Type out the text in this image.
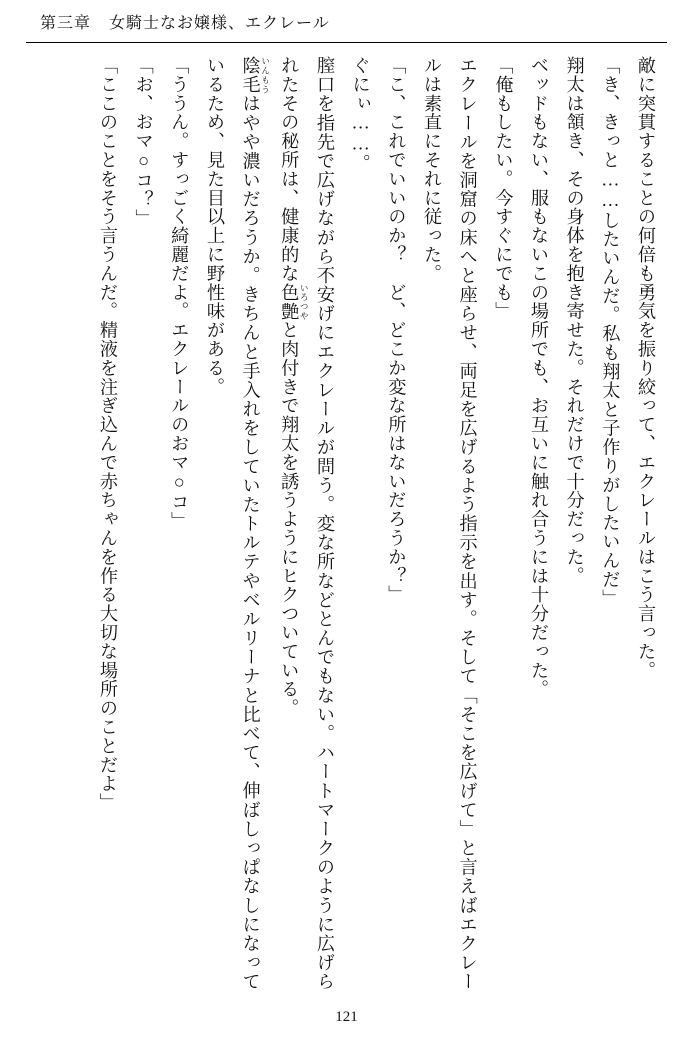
第三章 女騎士なお嬢様、エクレール

敵に突貫することの何倍も勇気を振り絞って、エクレールはこう言った。

「き、きっと……したいんだ。私も翔太と子作りがしたいんだ」

翔太は頷き、その身体を抱き寄せた。それだけで十分だった。

ベッドもない、服もないこの場所でも、お互いに触れ合うには十分だった。

「俺もしたい。今すぐにでも」

エクレールを洞窟の床へと座らせ、両足を広げるよう指示を出す。そして「そこを広げて」と言えばエクレールは素直にそれに従った。

「こ、これでいいのか？　ど、どこか変な所はないだろうか？」

ぐにぃ……。

膣口を指先で広げながら不安げにエクレールが問う。変な所などとんでもない。ハートマークのように広げられたその秘所は、健康的な色艶 いろつやと肉付きで翔太を誘うようにヒクついている。

陰毛 いんもうはやや濃いだろうか。きちんと手入れをしていたトルテやベルリーナと比べて、伸ばしっぱなしになっているため、見た目以上に野性味がある。

「ううん。すっごく綺麗だよ。エクレールのおマ○コ」

「お、おマ○コ？」

「ここのことをそう言うんだ。精液を注ぎ込んで赤ちゃんを作る大切な場所のことだよ」

121
